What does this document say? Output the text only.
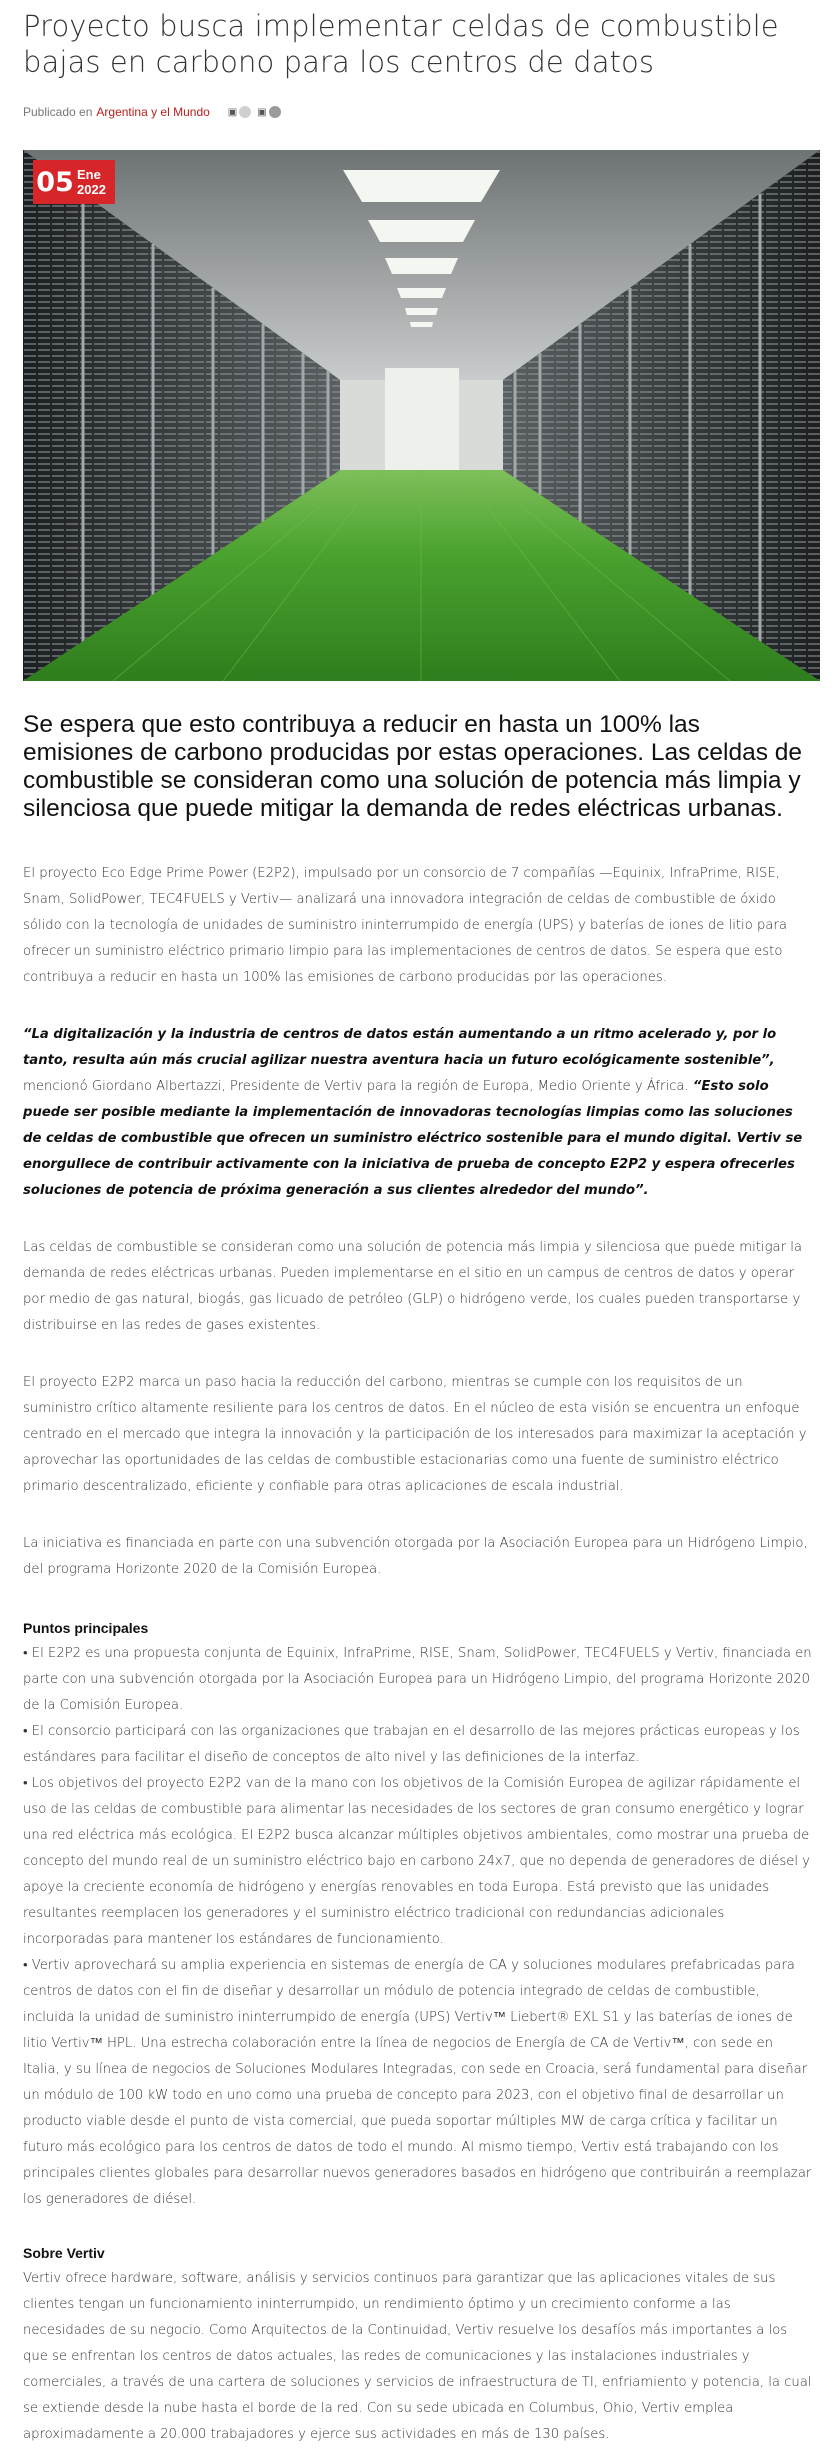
Proyecto busca implementar celdas de combustible bajas en carbono para los centros de datos
Publicado en Argentina y el Mundo ▣ ▣
05 Ene
2022

Se espera que esto contribuya a reducir en hasta un 100% las emisiones de carbono producidas por estas operaciones. Las celdas de combustible se consideran como una solución de potencia más limpia y silenciosa que puede mitigar la demanda de redes eléctricas urbanas.

El proyecto Eco Edge Prime Power (E2P2), impulsado por un consorcio de 7 compañías —Equinix, InfraPrime, RISE, Snam, SolidPower, TEC4FUELS y Vertiv— analizará una innovadora integración de celdas de combustible de óxido sólido con la tecnología de unidades de suministro ininterrumpido de energía (UPS) y baterías de iones de litio para ofrecer un suministro eléctrico primario limpio para las implementaciones de centros de datos. Se espera que esto contribuya a reducir en hasta un 100% las emisiones de carbono producidas por las operaciones.

“La digitalización y la industria de centros de datos están aumentando a un ritmo acelerado y, por lo tanto, resulta aún más crucial agilizar nuestra aventura hacia un futuro ecológicamente sostenible”, mencionó Giordano Albertazzi, Presidente de Vertiv para la región de Europa, Medio Oriente y África. “Esto solo puede ser posible mediante la implementación de innovadoras tecnologías limpias como las soluciones de celdas de combustible que ofrecen un suministro eléctrico sostenible para el mundo digital. Vertiv se enorgullece de contribuir activamente con la iniciativa de prueba de concepto E2P2 y espera ofrecerles soluciones de potencia de próxima generación a sus clientes alrededor del mundo”.

Las celdas de combustible se consideran como una solución de potencia más limpia y silenciosa que puede mitigar la demanda de redes eléctricas urbanas. Pueden implementarse en el sitio en un campus de centros de datos y operar por medio de gas natural, biogás, gas licuado de petróleo (GLP) o hidrógeno verde, los cuales pueden transportarse y distribuirse en las redes de gases existentes.

El proyecto E2P2 marca un paso hacia la reducción del carbono, mientras se cumple con los requisitos de un suministro crítico altamente resiliente para los centros de datos. En el núcleo de esta visión se encuentra un enfoque centrado en el mercado que integra la innovación y la participación de los interesados para maximizar la aceptación y aprovechar las oportunidades de las celdas de combustible estacionarias como una fuente de suministro eléctrico primario descentralizado, eficiente y confiable para otras aplicaciones de escala industrial.

La iniciativa es financiada en parte con una subvención otorgada por la Asociación Europea para un Hidrógeno Limpio, del programa Horizonte 2020 de la Comisión Europea.

Puntos principales

• El E2P2 es una propuesta conjunta de Equinix, InfraPrime, RISE, Snam, SolidPower, TEC4FUELS y Vertiv, financiada en parte con una subvención otorgada por la Asociación Europea para un Hidrógeno Limpio, del programa Horizonte 2020 de la Comisión Europea.

• El consorcio participará con las organizaciones que trabajan en el desarrollo de las mejores prácticas europeas y los estándares para facilitar el diseño de conceptos de alto nivel y las definiciones de la interfaz.

• Los objetivos del proyecto E2P2 van de la mano con los objetivos de la Comisión Europea de agilizar rápidamente el uso de las celdas de combustible para alimentar las necesidades de los sectores de gran consumo energético y lograr una red eléctrica más ecológica. El E2P2 busca alcanzar múltiples objetivos ambientales, como mostrar una prueba de concepto del mundo real de un suministro eléctrico bajo en carbono 24x7, que no dependa de generadores de diésel y apoye la creciente economía de hidrógeno y energías renovables en toda Europa. Está previsto que las unidades resultantes reemplacen los generadores y el suministro eléctrico tradicional con redundancias adicionales incorporadas para mantener los estándares de funcionamiento.

• Vertiv aprovechará su amplia experiencia en sistemas de energía de CA y soluciones modulares prefabricadas para centros de datos con el fin de diseñar y desarrollar un módulo de potencia integrado de celdas de combustible, incluida la unidad de suministro ininterrumpido de energía (UPS) Vertiv™ Liebert® EXL S1 y las baterías de iones de litio Vertiv™ HPL. Una estrecha colaboración entre la línea de negocios de Energía de CA de Vertiv™, con sede en Italia, y su línea de negocios de Soluciones Modulares Integradas, con sede en Croacia, será fundamental para diseñar un módulo de 100 kW todo en uno como una prueba de concepto para 2023, con el objetivo final de desarrollar un producto viable desde el punto de vista comercial, que pueda soportar múltiples MW de carga crítica y facilitar un futuro más ecológico para los centros de datos de todo el mundo. Al mismo tiempo, Vertiv está trabajando con los principales clientes globales para desarrollar nuevos generadores basados en hidrógeno que contribuirán a reemplazar los generadores de diésel.

Sobre Vertiv

Vertiv ofrece hardware, software, análisis y servicios continuos para garantizar que las aplicaciones vitales de sus clientes tengan un funcionamiento ininterrumpido, un rendimiento óptimo y un crecimiento conforme a las necesidades de su negocio. Como Arquitectos de la Continuidad, Vertiv resuelve los desafíos más importantes a los que se enfrentan los centros de datos actuales, las redes de comunicaciones y las instalaciones industriales y comerciales, a través de una cartera de soluciones y servicios de infraestructura de TI, enfriamiento y potencia, la cual se extiende desde la nube hasta el borde de la red. Con su sede ubicada en Columbus, Ohio, Vertiv emplea aproximadamente a 20.000 trabajadores y ejerce sus actividades en más de 130 países.
